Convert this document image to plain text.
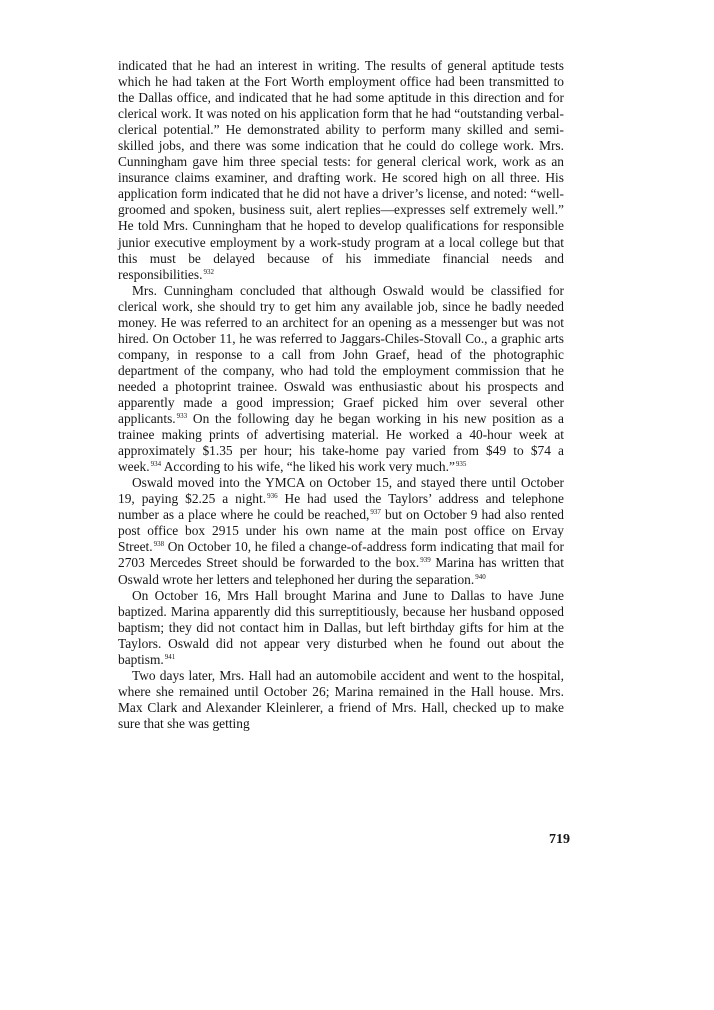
indicated that he had an interest in writing. The results of general aptitude tests which he had taken at the Fort Worth employment office had been transmitted to the Dallas office, and indicated that he had some aptitude in this direction and for clerical work. It was noted on his application form that he had “outstanding verbal-clerical potential.” He demonstrated ability to perform many skilled and semi-skilled jobs, and there was some indication that he could do college work. Mrs. Cunningham gave him three special tests: for general clerical work, work as an insurance claims examiner, and drafting work. He scored high on all three. His application form indicated that he did not have a driver’s license, and noted: “well-groomed and spoken, business suit, alert replies—expresses self extremely well.” He told Mrs. Cunningham that he hoped to develop qualifications for responsible junior executive employment by a work-study program at a local college but that this must be delayed because of his immediate financial needs and responsibilities.$^{932}$

Mrs. Cunningham concluded that although Oswald would be classified for clerical work, she should try to get him any available job, since he badly needed money. He was referred to an architect for an opening as a messenger but was not hired. On October 11, he was referred to Jaggars-Chiles-Stovall Co., a graphic arts company, in response to a call from John Graef, head of the photographic department of the company, who had told the employment commission that he needed a photoprint trainee. Oswald was enthusiastic about his prospects and apparently made a good impression; Graef picked him over several other applicants.$^{933}$ On the following day he began working in his new position as a trainee making prints of advertising material. He worked a 40-hour week at approximately $1.35 per hour; his take-home pay varied from $49 to $74 a week.$^{934}$ According to his wife, “he liked his work very much.”$^{935}$

Oswald moved into the YMCA on October 15, and stayed there until October 19, paying $2.25 a night.$^{936}$ He had used the Taylors’ address and telephone number as a place where he could be reached,$^{937}$ but on October 9 had also rented post office box 2915 under his own name at the main post office on Ervay Street.$^{938}$ On October 10, he filed a change-of-address form indicating that mail for 2703 Mercedes Street should be forwarded to the box.$^{939}$ Marina has written that Oswald wrote her letters and telephoned her during the separation.$^{940}$

On October 16, Mrs Hall brought Marina and June to Dallas to have June baptized. Marina apparently did this surreptitiously, because her husband opposed baptism; they did not contact him in Dallas, but left birthday gifts for him at the Taylors. Oswald did not appear very disturbed when he found out about the baptism.$^{941}$

Two days later, Mrs. Hall had an automobile accident and went to the hospital, where she remained until October 26; Marina remained in the Hall house. Mrs. Max Clark and Alexander Kleinlerer, a friend of Mrs. Hall, checked up to make sure that she was getting

719
